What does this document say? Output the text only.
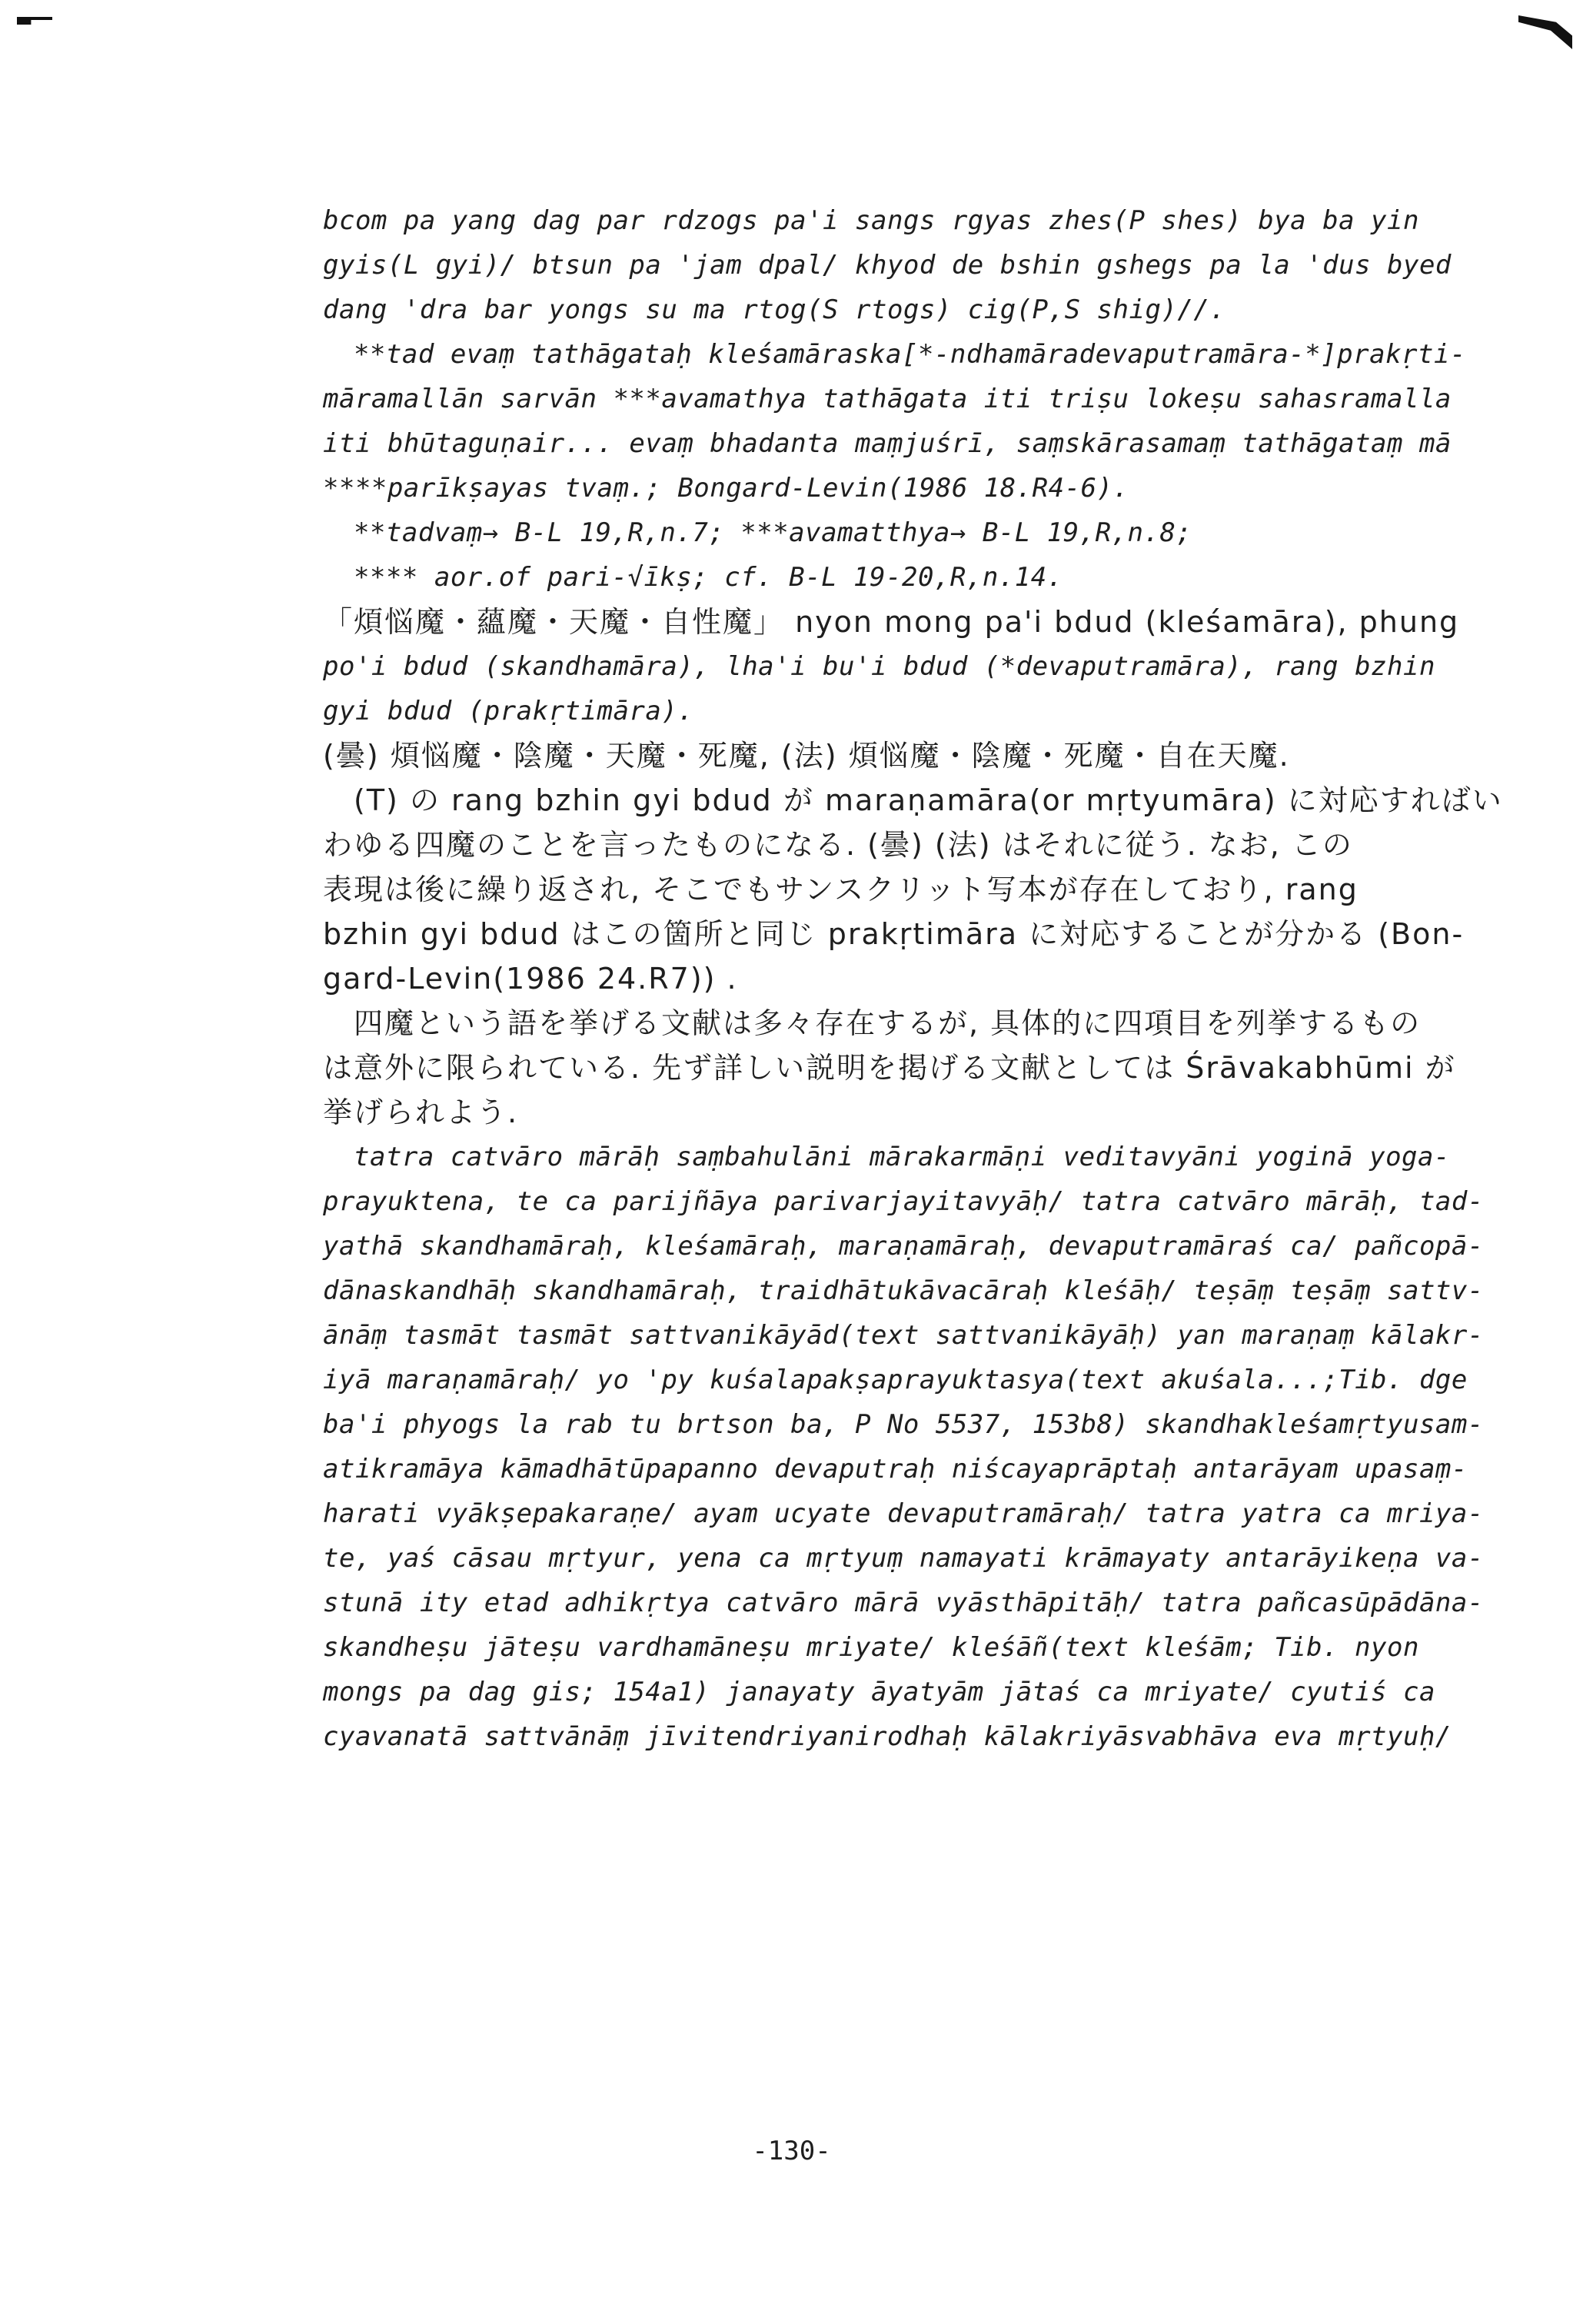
bcom pa yang dag par rdzogs pa'i sangs rgyas zhes(P shes) bya ba yin
gyis(L gyi)/ btsun pa 'jam dpal/ khyod de bshin gshegs pa la 'dus byed
dang 'dra bar yongs su ma rtog(S rtogs) cig(P,S shig)//.
**tad evaṃ tathāgataḥ kleśamāraska[*-ndhamāradevaputramāra-*]prakṛti-
māramallān sarvān ***avamathya tathāgata iti triṣu lokeṣu sahasramalla
iti bhūtaguṇair... evaṃ bhadanta maṃjuśrī, saṃskārasamaṃ tathāgataṃ mā
****parīkṣayas tvaṃ.; Bongard-Levin(1986 18.R4-6).
**tadvaṃ→ B-L 19,R,n.7; ***avamatthya→ B-L 19,R,n.8;
**** aor.of pari-√īkṣ; cf. B-L 19-20,R,n.14.
「煩悩魔・蘊魔・天魔・自性魔」 nyon mong pa'i bdud (kleśamāra), phung
po'i bdud (skandhamāra), lha'i bu'i bdud (*devaputramāra), rang bzhin
gyi bdud (prakṛtimāra).
(曇) 煩悩魔・陰魔・天魔・死魔, (法) 煩悩魔・陰魔・死魔・自在天魔.
(T) の rang bzhin gyi bdud が maraṇamāra(or mṛtyumāra) に対応すればい
わゆる四魔のことを言ったものになる. (曇) (法) はそれに従う. なお, この
表現は後に繰り返され, そこでもサンスクリット写本が存在しており, rang
bzhin gyi bdud はこの箇所と同じ prakṛtimāra に対応することが分かる (Bon-
gard-Levin(1986 24.R7)) .
四魔という語を挙げる文献は多々存在するが, 具体的に四項目を列挙するもの
は意外に限られている. 先ず詳しい説明を掲げる文献としては Śrāvakabhūmi が
挙げられよう.
tatra catvāro mārāḥ saṃbahulāni mārakarmāṇi veditavyāni yoginā yoga-
prayuktena, te ca parijñāya parivarjayitavyāḥ/ tatra catvāro mārāḥ, tad-
yathā skandhamāraḥ, kleśamāraḥ, maraṇamāraḥ, devaputramāraś ca/ pañcopā-
dānaskandhāḥ skandhamāraḥ, traidhātukāvacāraḥ kleśāḥ/ teṣāṃ teṣāṃ sattv-
ānāṃ tasmāt tasmāt sattvanikāyād(text sattvanikāyāḥ) yan maraṇaṃ kālakr-
iyā maraṇamāraḥ/ yo 'py kuśalapakṣaprayuktasya(text akuśala...;Tib. dge
ba'i phyogs la rab tu brtson ba, P No 5537, 153b8) skandhakleśamṛtyusam-
atikramāya kāmadhātūpapanno devaputraḥ niścayaprāptaḥ antarāyam upasaṃ-
harati vyākṣepakaraṇe/ ayam ucyate devaputramāraḥ/ tatra yatra ca mriya-
te, yaś cāsau mṛtyur, yena ca mṛtyuṃ namayati krāmayaty antarāyikeṇa va-
stunā ity etad adhikṛtya catvāro mārā vyāsthāpitāḥ/ tatra pañcasūpādāna-
skandheṣu jāteṣu vardhamāneṣu mriyate/ kleśāñ(text kleśām; Tib. nyon
mongs pa dag gis; 154a1) janayaty āyatyām jātaś ca mriyate/ cyutiś ca
cyavanatā sattvānāṃ jīvitendriyanirodhaḥ kālakriyāsvabhāva eva mṛtyuḥ/
-130-
